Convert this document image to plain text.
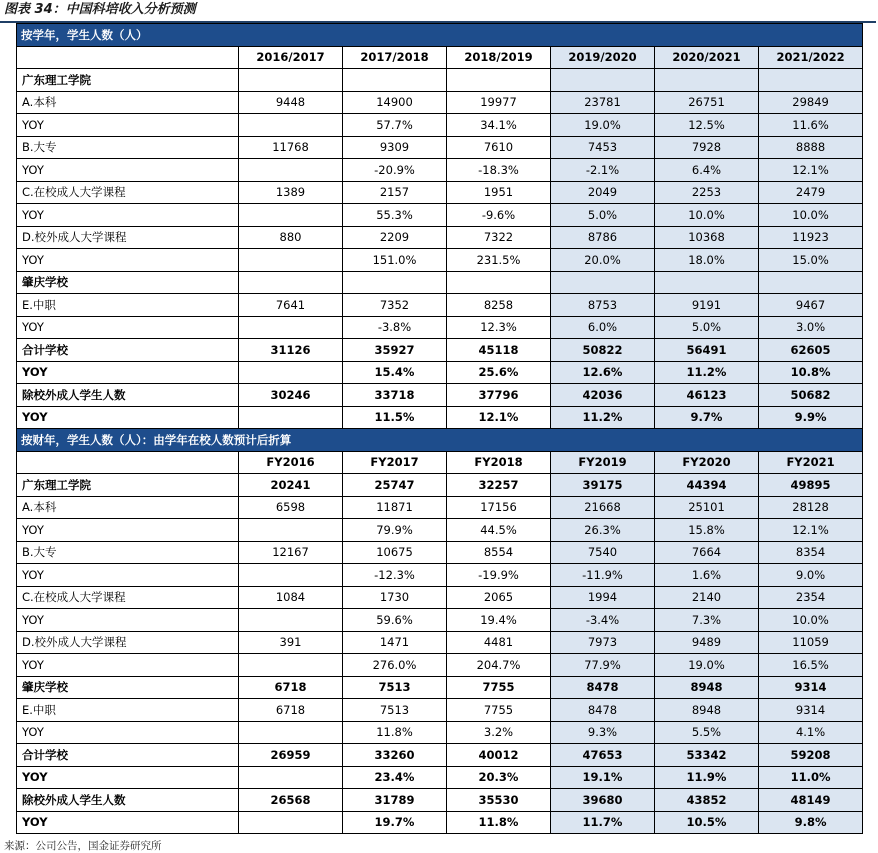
图表 34：中国科培收入分析预测
按学年，学生人数（人）						
	2016/2017	2017/2018	2018/2019	2019/2020	2020/2021	2021/2022
广东理工学院						
A.本科	9448	14900	19977	23781	26751	29849
YOY		57.7%	34.1%	19.0%	12.5%	11.6%
B.大专	11768	9309	7610	7453	7928	8888
YOY		-20.9%	-18.3%	-2.1%	6.4%	12.1%
C.在校成人大学课程	1389	2157	1951	2049	2253	2479
YOY		55.3%	-9.6%	5.0%	10.0%	10.0%
D.校外成人大学课程	880	2209	7322	8786	10368	11923
YOY		151.0%	231.5%	20.0%	18.0%	15.0%
肇庆学校						
E.中职	7641	7352	8258	8753	9191	9467
YOY		-3.8%	12.3%	6.0%	5.0%	3.0%
合计学校	31126	35927	45118	50822	56491	62605
YOY		15.4%	25.6%	12.6%	11.2%	10.8%
除校外成人学生人数	30246	33718	37796	42036	46123	50682
YOY		11.5%	12.1%	11.2%	9.7%	9.9%
按财年，学生人数（人）：由学年在校人数预计后折算						
	FY2016	FY2017	FY2018	FY2019	FY2020	FY2021
广东理工学院	20241	25747	32257	39175	44394	49895
A.本科	6598	11871	17156	21668	25101	28128
YOY		79.9%	44.5%	26.3%	15.8%	12.1%
B.大专	12167	10675	8554	7540	7664	8354
YOY		-12.3%	-19.9%	-11.9%	1.6%	9.0%
C.在校成人大学课程	1084	1730	2065	1994	2140	2354
YOY		59.6%	19.4%	-3.4%	7.3%	10.0%
D.校外成人大学课程	391	1471	4481	7973	9489	11059
YOY		276.0%	204.7%	77.9%	19.0%	16.5%
肇庆学校	6718	7513	7755	8478	8948	9314
E.中职	6718	7513	7755	8478	8948	9314
YOY		11.8%	3.2%	9.3%	5.5%	4.1%
合计学校	26959	33260	40012	47653	53342	59208
YOY		23.4%	20.3%	19.1%	11.9%	11.0%
除校外成人学生人数	26568	31789	35530	39680	43852	48149
YOY		19.7%	11.8%	11.7%	10.5%	9.8%
来源：公司公告，国金证券研究所
